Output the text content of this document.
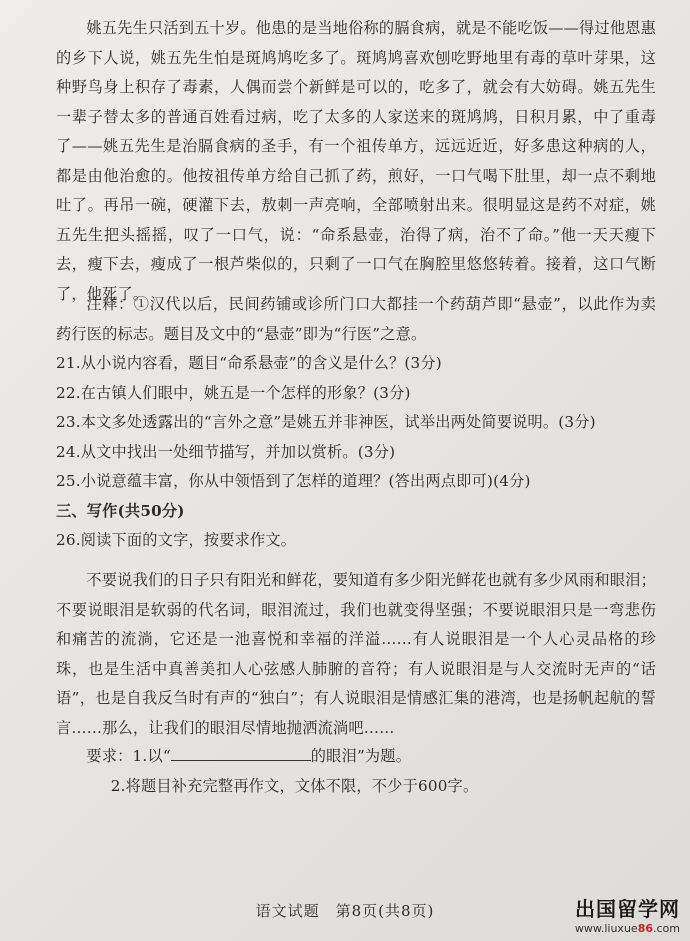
姚五先生只活到五十岁。他患的是当地俗称的膈食病，就是不能吃饭——得过他恩惠的乡下人说，姚五先生怕是斑鸠鸠吃多了。斑鸠鸠喜欢刨吃野地里有毒的草叶芽果，这种野鸟身上积存了毒素，人偶而尝个新鲜是可以的，吃多了，就会有大妨碍。姚五先生一辈子替太多的普通百姓看过病，吃了太多的人家送来的斑鸠鸠，日积月累，中了重毒了——姚五先生是治膈食病的圣手，有一个祖传单方，远远近近，好多患这种病的人，都是由他治愈的。他按祖传单方给自己抓了药，煎好，一口气喝下肚里，却一点不剩地吐了。再吊一碗，硬灌下去，敖刺一声亮响，全部喷射出来。很明显这是药不对症，姚五先生把头摇摇，叹了一口气，说：“命系悬壶，治得了病，治不了命。”他一天天瘦下去，瘦下去，瘦成了一根芦柴似的，只剩了一口气在胸腔里悠悠转着。接着，这口气断了，他死了。

注释：①汉代以后，民间药铺或诊所门口大都挂一个药葫芦即“悬壶”，以此作为卖药行医的标志。题目及文中的“悬壶”即为“行医”之意。

21.从小说内容看，题目“命系悬壶”的含义是什么？(3分)

22.在古镇人们眼中，姚五是一个怎样的形象？(3分)

23.本文多处透露出的“言外之意”是姚五并非神医，试举出两处简要说明。(3分)

24.从文中找出一处细节描写，并加以赏析。(3分)

25.小说意蕴丰富，你从中领悟到了怎样的道理？(答出两点即可)(4分)

三、写作(共50分)

26.阅读下面的文字，按要求作文。

不要说我们的日子只有阳光和鲜花，要知道有多少阳光鲜花也就有多少风雨和眼泪；不要说眼泪是软弱的代名词，眼泪流过，我们也就变得坚强；不要说眼泪只是一弯悲伤和痛苦的流淌，它还是一池喜悦和幸福的洋溢……有人说眼泪是一个人心灵品格的珍珠，也是生活中真善美扣人心弦感人肺腑的音符；有人说眼泪是与人交流时无声的“话语”，也是自我反刍时有声的“独白”；有人说眼泪是情感汇集的港湾，也是扬帆起航的誓言……那么，让我们的眼泪尽情地抛洒流淌吧……

要求：1.以“	的眼泪”为题。

2.将题目补充完整再作文，文体不限，不少于600字。

语文试题　第8页(共8页)	出国留学网
www.liuxue86.com
